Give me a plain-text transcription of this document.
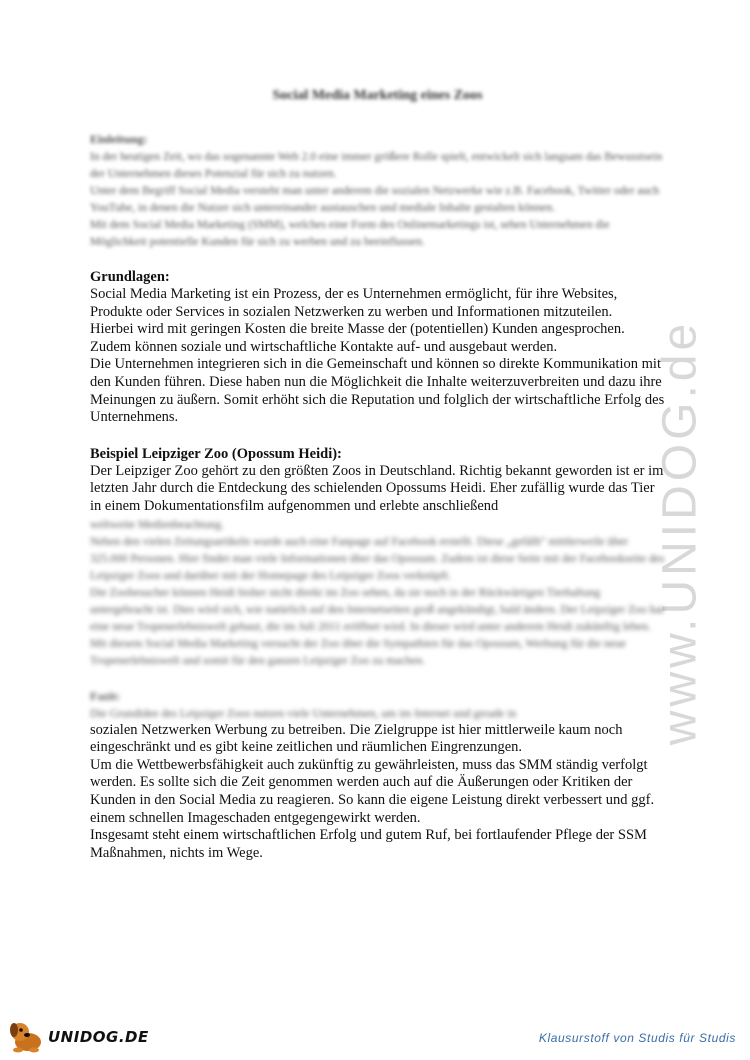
www.UNIDOG.de
Social Media Marketing eines Zoos
Einleitung:

In der heutigen Zeit, wo das sogenannte Web 2.0 eine immer größere Rolle spielt, entwickelt sich langsam das Bewusstsein der Unternehmen dieses Potenzial für sich zu nutzen.

Unter dem Begriff Social Media versteht man unter anderem die sozialen Netzwerke wie z.B. Facebook, Twitter oder auch YouTube, in denen die Nutzer sich untereinander austauschen und mediale Inhalte gestalten können.

Mit dem Social Media Marketing (SMM), welches eine Form des Onlinemarketings ist, sehen Unternehmen die Möglichkeit potentielle Kunden für sich zu werben und zu beeinflussen.

Grundlagen:

Social Media Marketing ist ein Prozess, der es Unternehmen ermöglicht, für ihre Websites, Produkte oder Services in sozialen Netzwerken zu werben und Informationen mitzuteilen.

Hierbei wird mit geringen Kosten die breite Masse der (potentiellen) Kunden angesprochen.

Zudem können soziale und wirtschaftliche Kontakte auf- und ausgebaut werden.

Die Unternehmen integrieren sich in die Gemeinschaft und können so direkte Kommunikation mit den Kunden führen. Diese haben nun die Möglichkeit die Inhalte weiterzuverbreiten und dazu ihre Meinungen zu äußern. Somit erhöht sich die Reputation und folglich der wirtschaftliche Erfolg des Unternehmens.

Beispiel Leipziger Zoo (Opossum Heidi):

Der Leipziger Zoo gehört zu den größten Zoos in Deutschland. Richtig bekannt geworden ist er im letzten Jahr durch die Entdeckung des schielenden Opossums Heidi. Eher zufällig wurde das Tier in einem Dokumentationsfilm aufgenommen und erlebte anschließend

weltweite Medienbeachtung.

Neben den vielen Zeitungsartikeln wurde auch eine Fanpage auf Facebook erstellt. Diese „gefällt" mittlerweile über 325.000 Personen. Hier findet man viele Informationen über das Opossum. Zudem ist diese Seite mit der Facebookseite des Leipziger Zoos und darüber mit der Homepage des Leipziger Zoos verknüpft.

Die Zoobesucher können Heidi bisher nicht direkt im Zoo sehen, da sie noch in der Rückwärtigen Tierhaltung untergebracht ist. Dies wird sich, wie natürlich auf den Internetseiten groß angekündigt, bald ändern. Der Leipziger Zoo hat eine neue Tropenerlebniswelt gebaut, die im Juli 2011 eröffnet wird. In dieser wird unter anderem Heidi zukünftig leben. Mit diesem Social Media Marketing versucht der Zoo über die Sympathien für das Opossum, Werbung für die neue Tropenerlebniswelt und somit für den ganzen Leipziger Zoo zu machen.

Fazit:

Die Grundidee des Leipziger Zoos nutzen viele Unternehmen, um im Internet und gerade in

sozialen Netzwerken Werbung zu betreiben. Die Zielgruppe ist hier mittlerweile kaum noch eingeschränkt und es gibt keine zeitlichen und räumlichen Eingrenzungen.

Um die Wettbewerbsfähigkeit auch zukünftig zu gewährleisten, muss das SMM ständig verfolgt werden. Es sollte sich die Zeit genommen werden auch auf die Äußerungen oder Kritiken der Kunden in den Social Media zu reagieren. So kann die eigene Leistung direkt verbessert und ggf. einem schnellen Imageschaden entgegengewirkt werden.

Insgesamt steht einem wirtschaftlichen Erfolg und gutem Ruf, bei fortlaufender Pflege der SSM Maßnahmen, nichts im Wege.

UNIDOG.DE	Klausurstoff von Studis für Studis
